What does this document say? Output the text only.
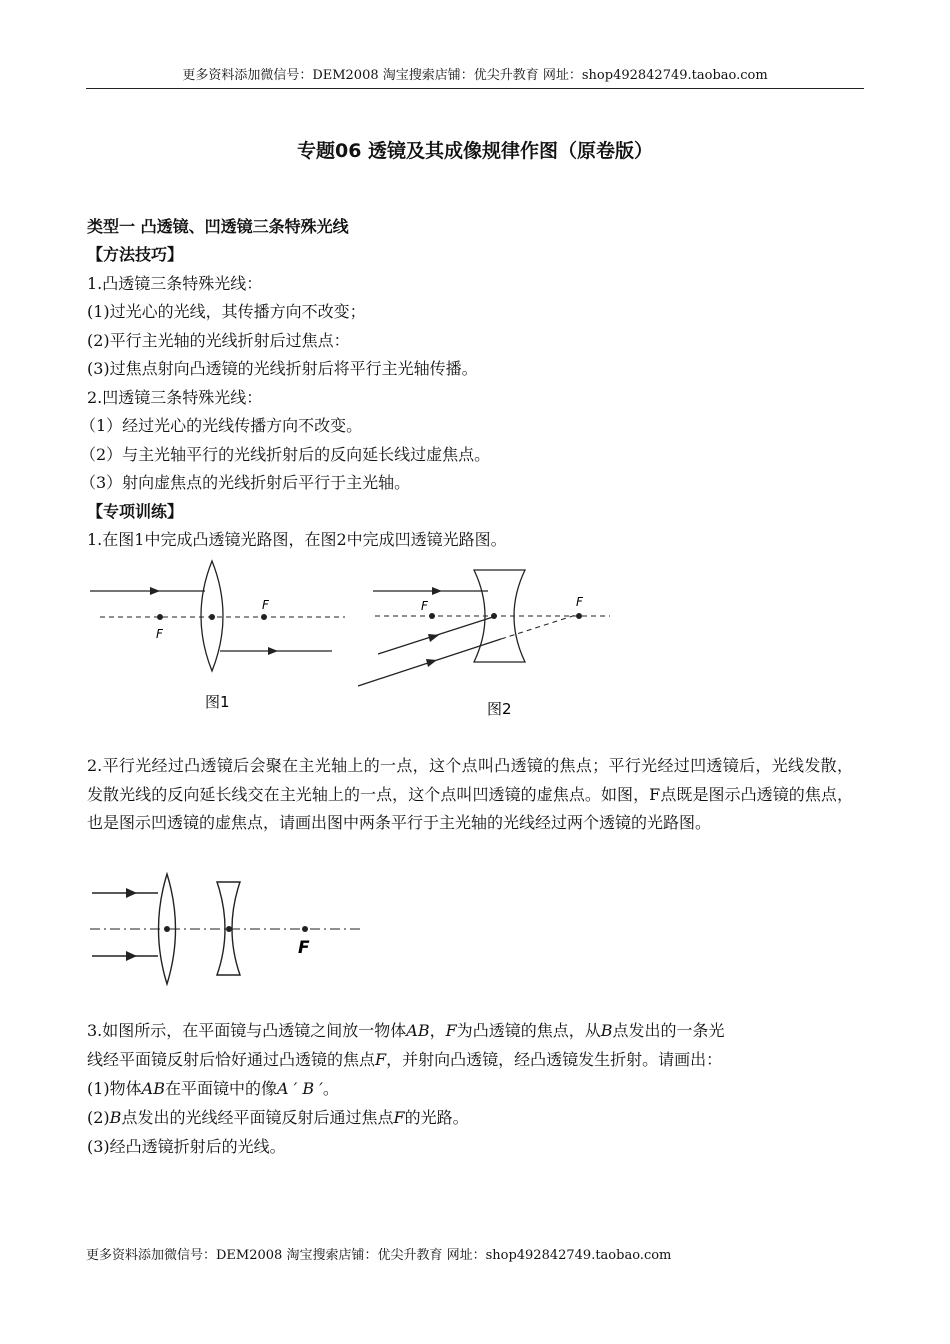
更多资料添加微信号：DEM2008 淘宝搜索店铺：优尖升教育 网址：shop492842749.taobao.com
专题06 透镜及其成像规律作图（原卷版）
类型一 凸透镜、凹透镜三条特殊光线
【方法技巧】
1.凸透镜三条特殊光线：
(1)过光心的光线，其传播方向不改变；
(2)平行主光轴的光线折射后过焦点：
(3)过焦点射向凸透镜的光线折射后将平行主光轴传播。
2.凹透镜三条特殊光线：
（1）经过光心的光线传播方向不改变。
（2）与主光轴平行的光线折射后的反向延长线过虚焦点。
（3）射向虚焦点的光线折射后平行于主光轴。
【专项训练】
1.在图1中完成凸透镜光路图，在图2中完成凹透镜光路图。
F
F
图1
F	F
图2
F
2.平行光经过凸透镜后会聚在主光轴上的一点，这个点叫凸透镜的焦点；平行光经过凹透镜后，光线发散，发散光线的反向延长线交在主光轴上的一点，这个点叫凹透镜的虚焦点。如图，F点既是图示凸透镜的焦点，也是图示凹透镜的虚焦点，请画出图中两条平行于主光轴的光线经过两个透镜的光路图。
3.如图所示，在平面镜与凸透镜之间放一物体AB，F为凸透镜的焦点，从B点发出的一条光
线经平面镜反射后恰好通过凸透镜的焦点F，并射向凸透镜，经凸透镜发生折射。请画出：
(1)物体AB在平面镜中的像A ′ B ′。
(2)B点发出的光线经平面镜反射后通过焦点F的光路。
(3)经凸透镜折射后的光线。
更多资料添加微信号：DEM2008 淘宝搜索店铺：优尖升教育 网址：shop492842749.taobao.com
